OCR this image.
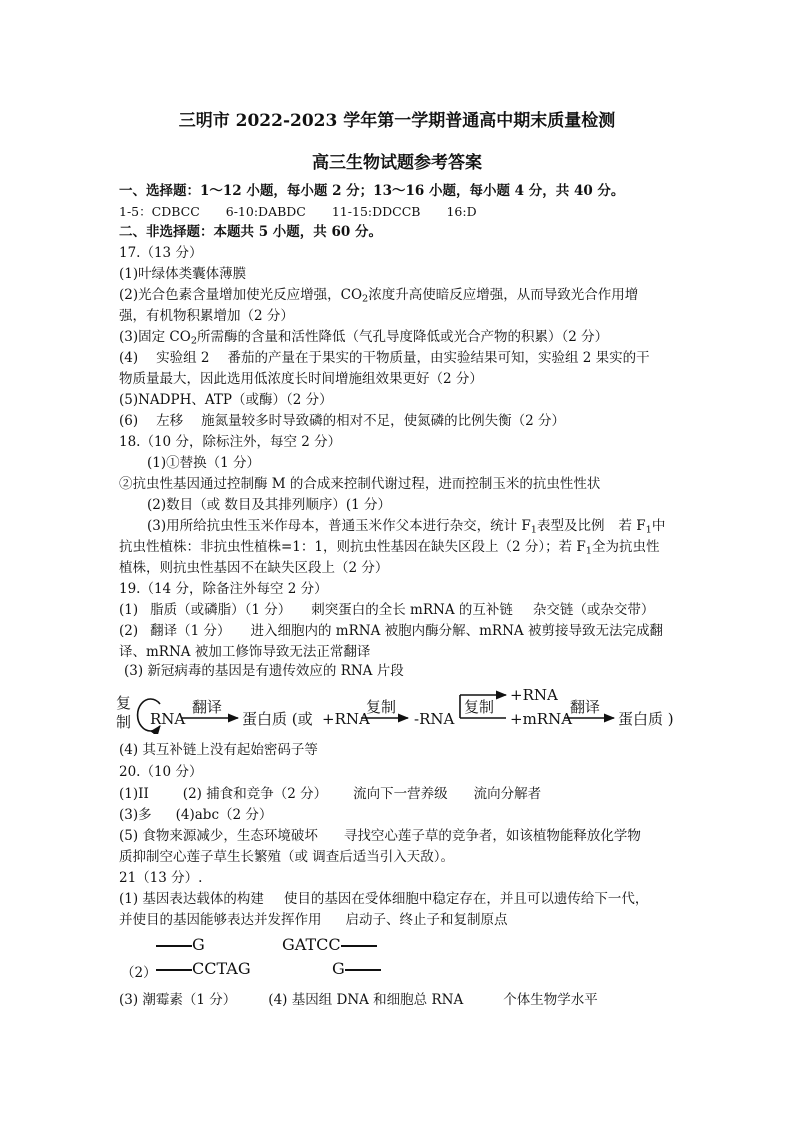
三明市 2022-2023 学年第一学期普通高中期末质量检测
高三生物试题参考答案
一、选择题：1～12 小题，每小题 2 分；13～16 小题，每小题 4 分，共 40 分。
1-5：CDBCC 6-10:DABDC 11-15:DDCCB 16:D
二、非选择题：本题共 5 小题，共 60 分。
17.（13 分）
(1)叶绿体类囊体薄膜
(2)光合色素含量增加使光反应增强，$CO_2$浓度升高使暗反应增强，从而导致光合作用增
强，有机物积累增加（2 分）
(3)固定 $CO_2$所需酶的含量和活性降低（气孔导度降低或光合产物的积累）（2 分）
(4) 实验组 2 番茄的产量在于果实的干物质量，由实验结果可知，实验组 2 果实的干
物质量最大，因此选用低浓度长时间增施组效果更好（2 分）
(5)NADPH、ATP（或酶）（2 分）
(6) 左移 施氮量较多时导致磷的相对不足，使氮磷的比例失衡（2 分）
18.（10 分，除标注外，每空 2 分）
(1)①替换（1 分）
②抗虫性基因通过控制酶 M 的合成来控制代谢过程，进而控制玉米的抗虫性性状
(2)数目（或 数目及其排列顺序）(1 分）
(3)用所给抗虫性玉米作母本，普通玉米作父本进行杂交，统计 $F_1$表型及比例 若 $F_1$中
抗虫性植株：非抗虫性植株=1：1，则抗虫性基因在缺失区段上（2 分）；若 $F_1$全为抗虫性
植株，则抗虫性基因不在缺失区段上（2 分）
19.（14 分，除备注外每空 2 分）
(1) 脂质（或磷脂）（1 分） 刺突蛋白的全长 mRNA 的互补链 杂交链（或杂交带）
(2) 翻译（1 分） 进入细胞内的 mRNA 被胞内酶分解、mRNA 被剪接导致无法完成翻
译、mRNA 被加工修饰导致无法正常翻译
(3) 新冠病毒的基因是有遗传效应的 RNA 片段
复
制 RNA
翻译
蛋白质 (或 +RNA
复制
-RNA
复制
+RNA
+mRNA
翻译
蛋白质 )
(4) 其互补链上没有起始密码子等
20.（10 分）
(1)II	(2) 捕食和竞争（2 分） 流向下一营养级 流向分解者
(3)多 (4)abc（2 分）
(5) 食物来源减少，生态环境破坏 寻找空心莲子草的竞争者，如该植物能释放化学物
质抑制空心莲子草生长繁殖（或 调查后适当引入天敌）。
21（13 分）.
(1) 基因表达载体的构建 使目的基因在受体细胞中稳定存在，并且可以遗传给下一代，
并使目的基因能够表达并发挥作用 启动子、终止子和复制原点
G	GATCC
（2）	CCTAG	G
(3) 潮霉素（1 分） (4) 基因组 DNA 和细胞总 RNA	个体生物学水平
